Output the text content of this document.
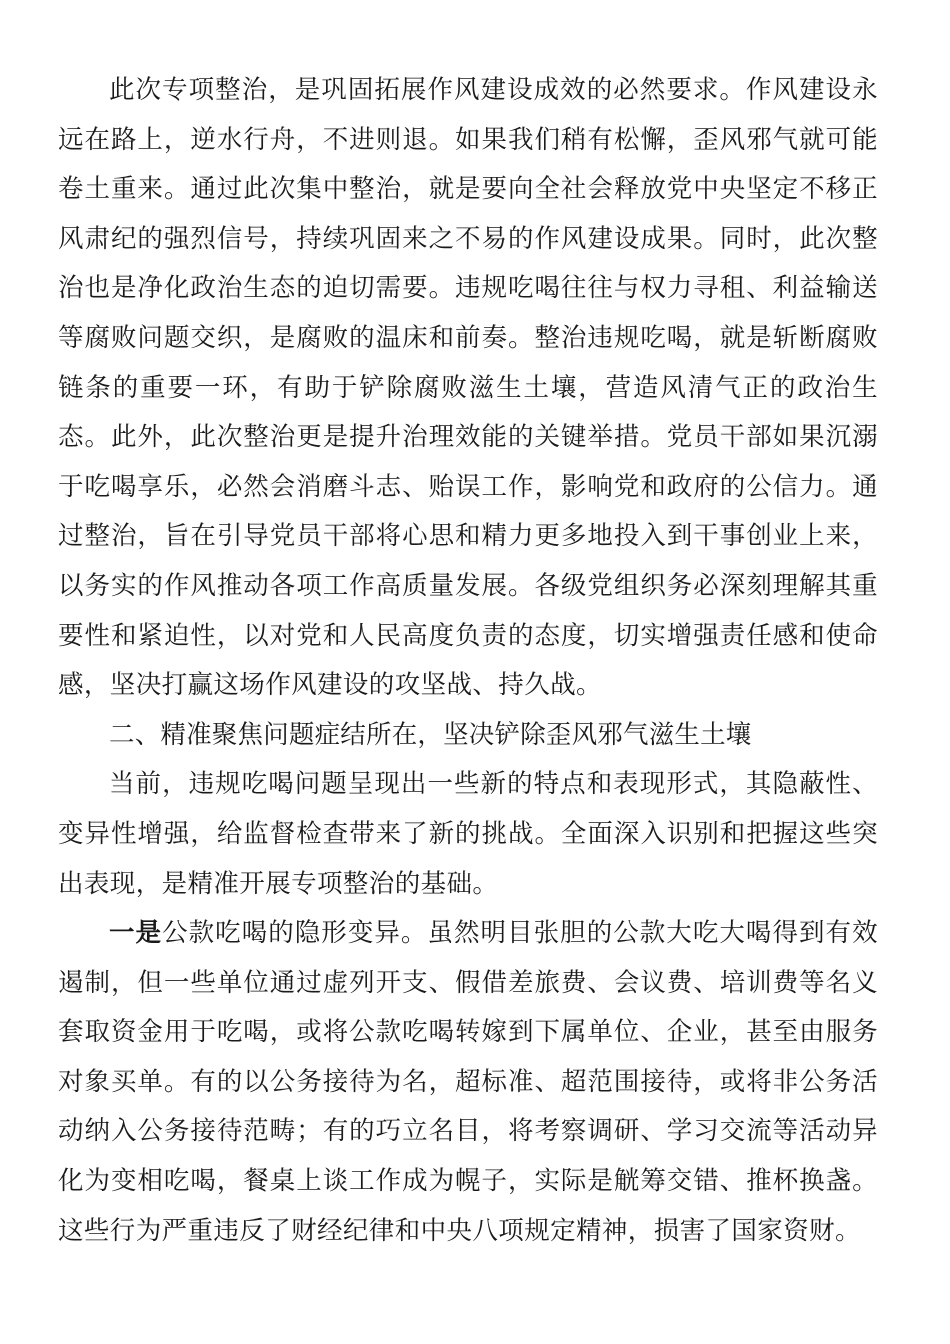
此次专项整治，是巩固拓展作风建设成效的必然要求。作风建设永远在路上，逆水行舟，不进则退。如果我们稍有松懈，歪风邪气就可能卷土重来。通过此次集中整治，就是要向全社会释放党中央坚定不移正风肃纪的强烈信号，持续巩固来之不易的作风建设成果。同时，此次整治也是净化政治生态的迫切需要。违规吃喝往往与权力寻租、利益输送等腐败问题交织，是腐败的温床和前奏。整治违规吃喝，就是斩断腐败链条的重要一环，有助于铲除腐败滋生土壤，营造风清气正的政治生态。此外，此次整治更是提升治理效能的关键举措。党员干部如果沉溺于吃喝享乐，必然会消磨斗志、贻误工作，影响党和政府的公信力。通过整治，旨在引导党员干部将心思和精力更多地投入到干事创业上来，以务实的作风推动各项工作高质量发展。各级党组织务必深刻理解其重要性和紧迫性，以对党和人民高度负责的态度，切实增强责任感和使命感，坚决打赢这场作风建设的攻坚战、持久战。

二、精准聚焦问题症结所在，坚决铲除歪风邪气滋生土壤

当前，违规吃喝问题呈现出一些新的特点和表现形式，其隐蔽性、变异性增强，给监督检查带来了新的挑战。全面深入识别和把握这些突出表现，是精准开展专项整治的基础。

一是公款吃喝的隐形变异。虽然明目张胆的公款大吃大喝得到有效遏制，但一些单位通过虚列开支、假借差旅费、会议费、培训费等名义套取资金用于吃喝，或将公款吃喝转嫁到下属单位、企业，甚至由服务对象买单。有的以公务接待为名，超标准、超范围接待，或将非公务活动纳入公务接待范畴；有的巧立名目，将考察调研、学习交流等活动异化为变相吃喝，餐桌上谈工作成为幌子，实际是觥筹交错、推杯换盏。这些行为严重违反了财经纪律和中央八项规定精神，损害了国家资财。
